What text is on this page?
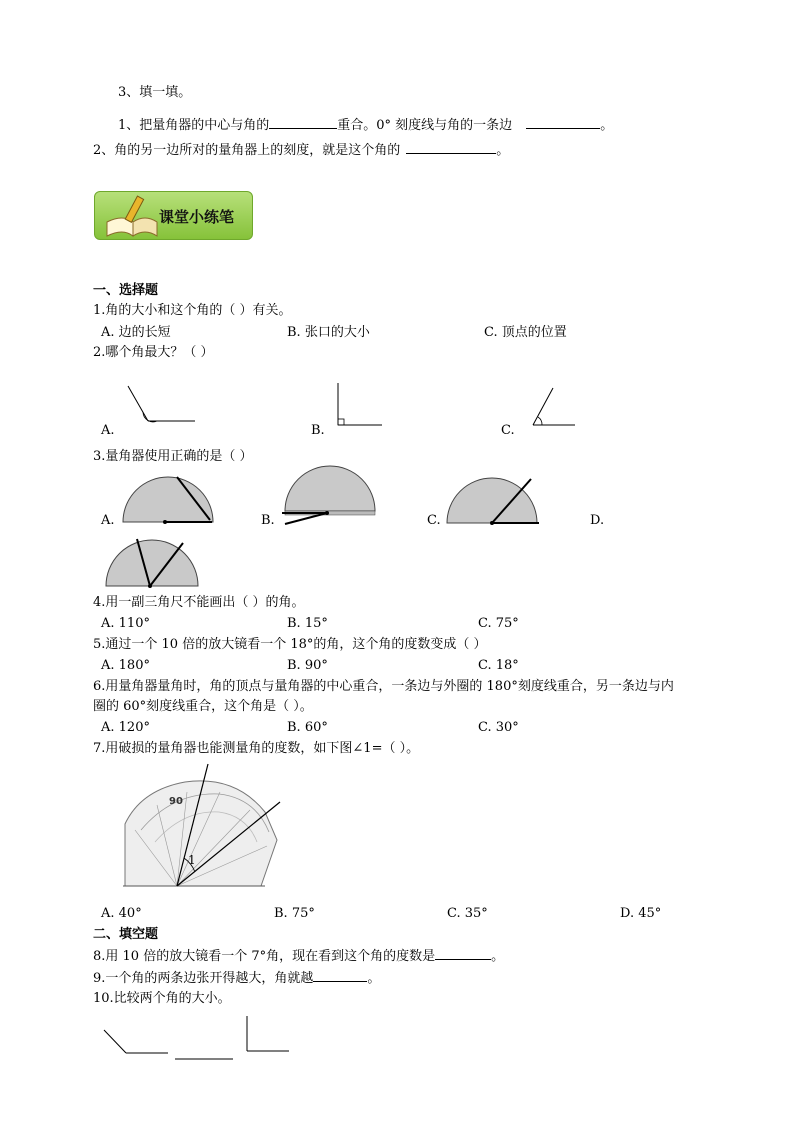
3、填一填。
1、把量角器的中心与角的	重合。0° 刻度线与角的一条边	。
2、角的另一边所对的量角器上的刻度，就是这个角的	。
课堂小练笔
一、选择题
1.角的大小和这个角的（ ）有关。
A. 边的长短	B. 张口的大小	C. 顶点的位置
2.哪个角最大？（ ）
A.	B.	C.
3.量角器使用正确的是（ ）
A.	B.	C.	D.
4.用一副三角尺不能画出（ ）的角。
A. 110°	B. 15°	C. 75°
5.通过一个 10 倍的放大镜看一个 18°的角，这个角的度数变成（ ）
A. 180°	B. 90°	C. 18°
6.用量角器量角时，角的顶点与量角器的中心重合，一条边与外圈的 180°刻度线重合，另一条边与内
圈的 60°刻度线重合，这个角是（ ）。
A. 120°	B. 60°	C. 30°
7.用破损的量角器也能测量角的度数，如下图∠1=（ ）。
90
1
A. 40°	B. 75°	C. 35°	D. 45°
二、填空题
8.用 10 倍的放大镜看一个 7°角，现在看到这个角的度数是	。
9.一个角的两条边张开得越大，角就越	。
10.比较两个角的大小。
